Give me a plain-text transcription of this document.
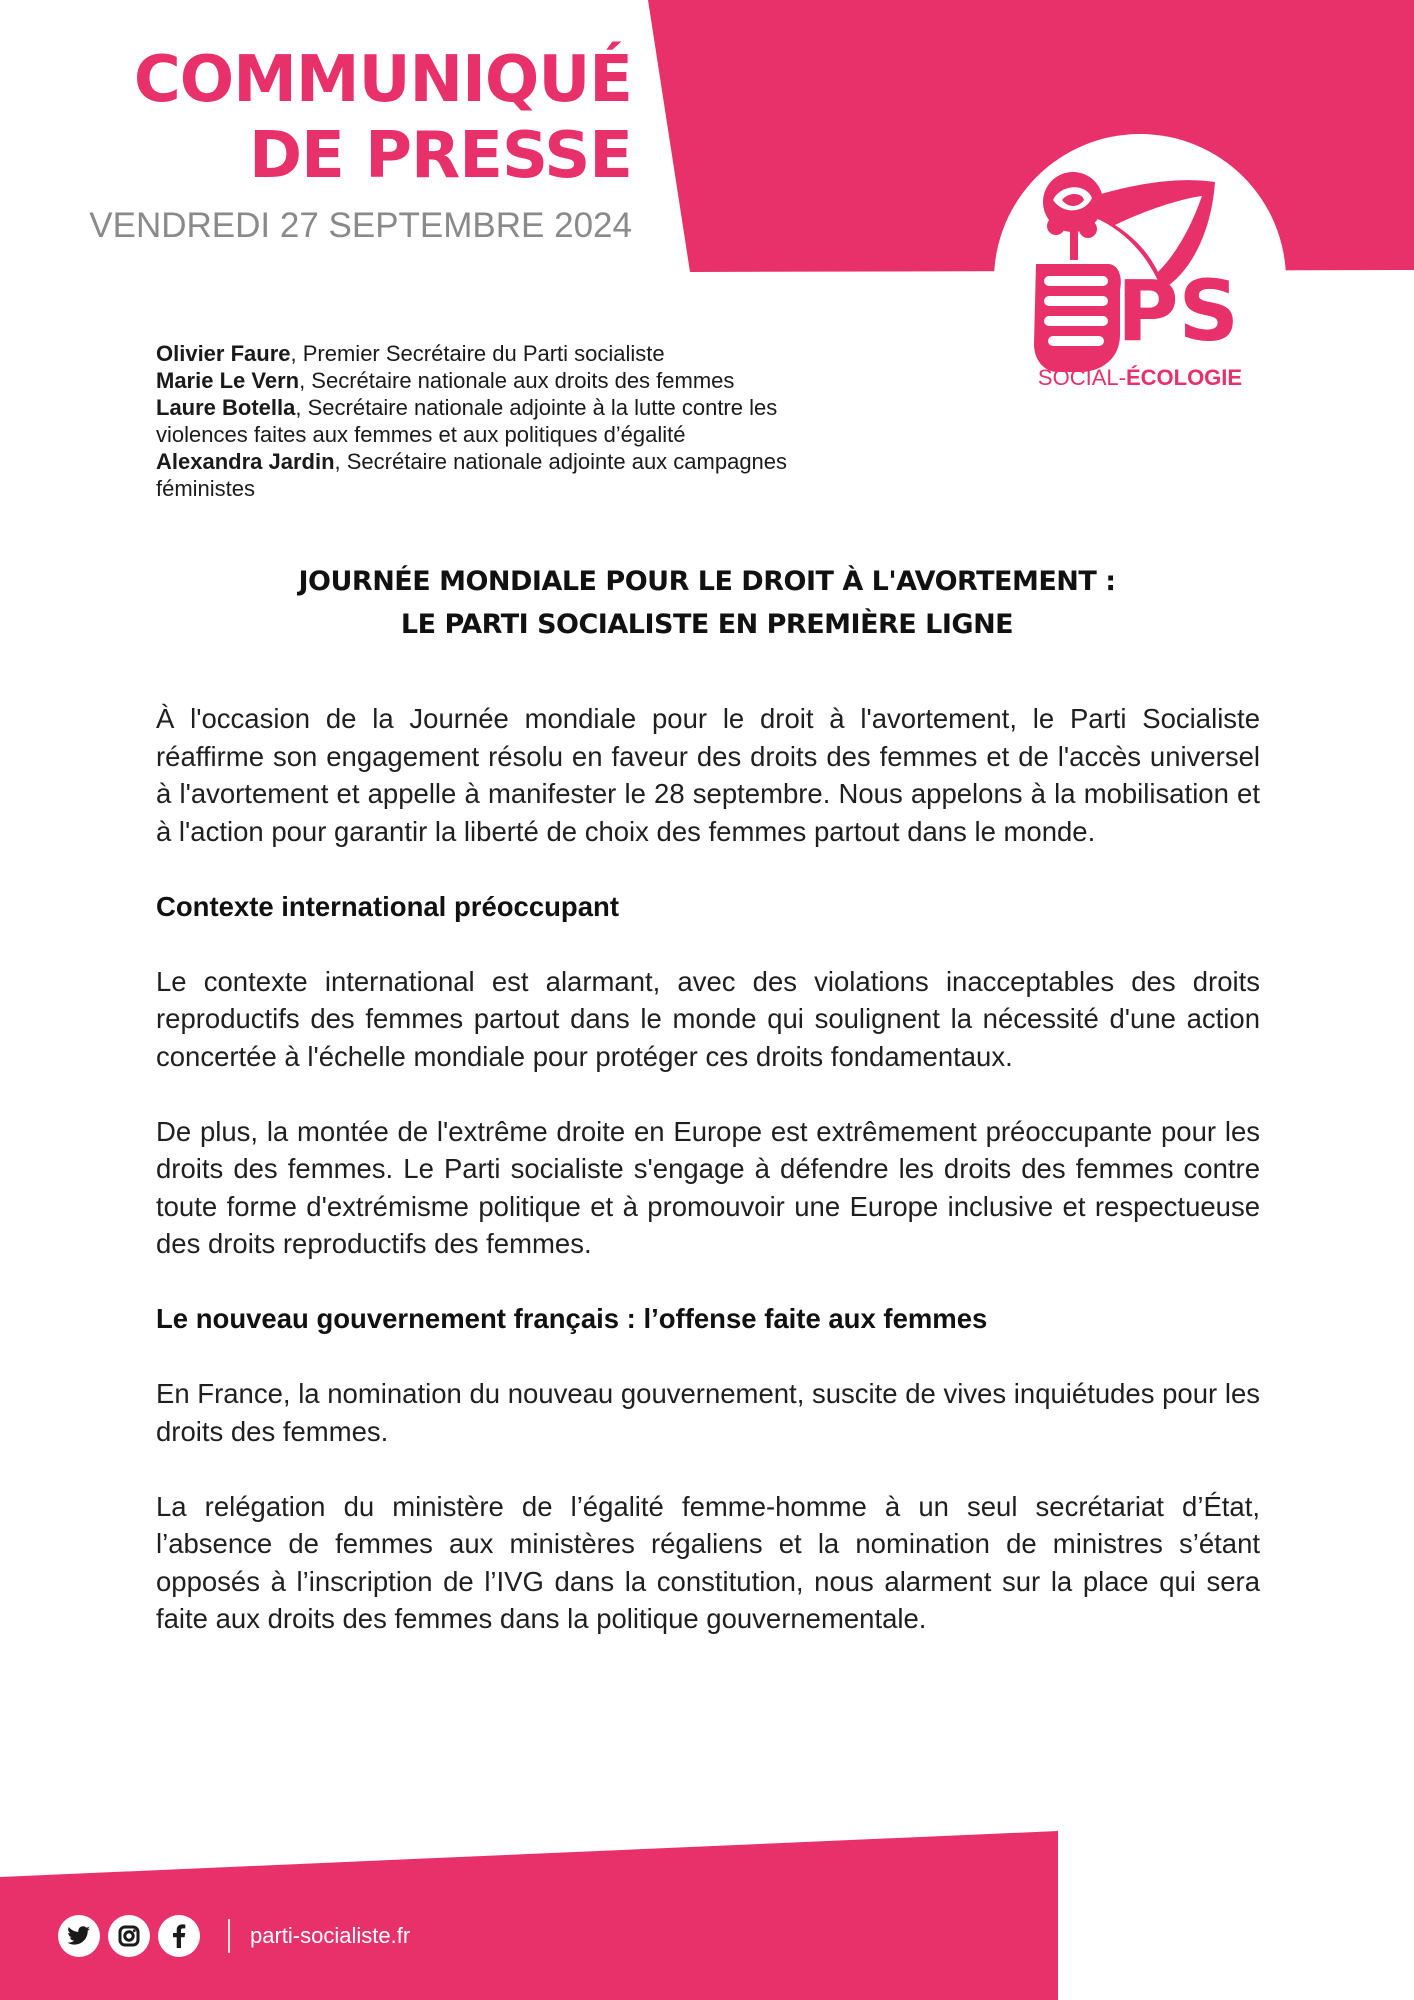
COMMUNIQUÉ
DE PRESSE
VENDREDI 27 SEPTEMBRE 2024
PS
SOCIAL-ÉCOLOGIE
Olivier Faure, Premier Secrétaire du Parti socialiste
Marie Le Vern, Secrétaire nationale aux droits des femmes
Laure Botella, Secrétaire nationale adjointe à la lutte contre les violences faites aux femmes et aux politiques d’égalité
Alexandra Jardin, Secrétaire nationale adjointe aux campagnes féministes
JOURNÉE MONDIALE POUR LE DROIT À L'AVORTEMENT :
LE PARTI SOCIALISTE EN PREMIÈRE LIGNE

À l'occasion de la Journée mondiale pour le droit à l'avortement, le Parti Socialiste réaffirme son engagement résolu en faveur des droits des femmes et de l'accès universel à l'avortement et appelle à manifester le 28 septembre. Nous appelons à la mobilisation et à l'action pour garantir la liberté de choix des femmes partout dans le monde.

Contexte international préoccupant

Le contexte international est alarmant, avec des violations inacceptables des droits reproductifs des femmes partout dans le monde qui soulignent la nécessité d'une action concertée à l'échelle mondiale pour protéger ces droits fondamentaux.

De plus, la montée de l'extrême droite en Europe est extrêmement préoccupante pour les droits des femmes. Le Parti socialiste s'engage à défendre les droits des femmes contre toute forme d'extrémisme politique et à promouvoir une Europe inclusive et respectueuse des droits reproductifs des femmes.

Le nouveau gouvernement français : l’offense faite aux femmes

En France, la nomination du nouveau gouvernement, suscite de vives inquiétudes pour les droits des femmes.

La relégation du ministère de l’égalité femme-homme à un seul secrétariat d’État, l’absence de femmes aux ministères régaliens et la nomination de ministres s’étant opposés à l’inscription de l’IVG dans la constitution, nous alarment sur la place qui sera faite aux droits des femmes dans la politique gouvernementale.

parti-socialiste.fr
